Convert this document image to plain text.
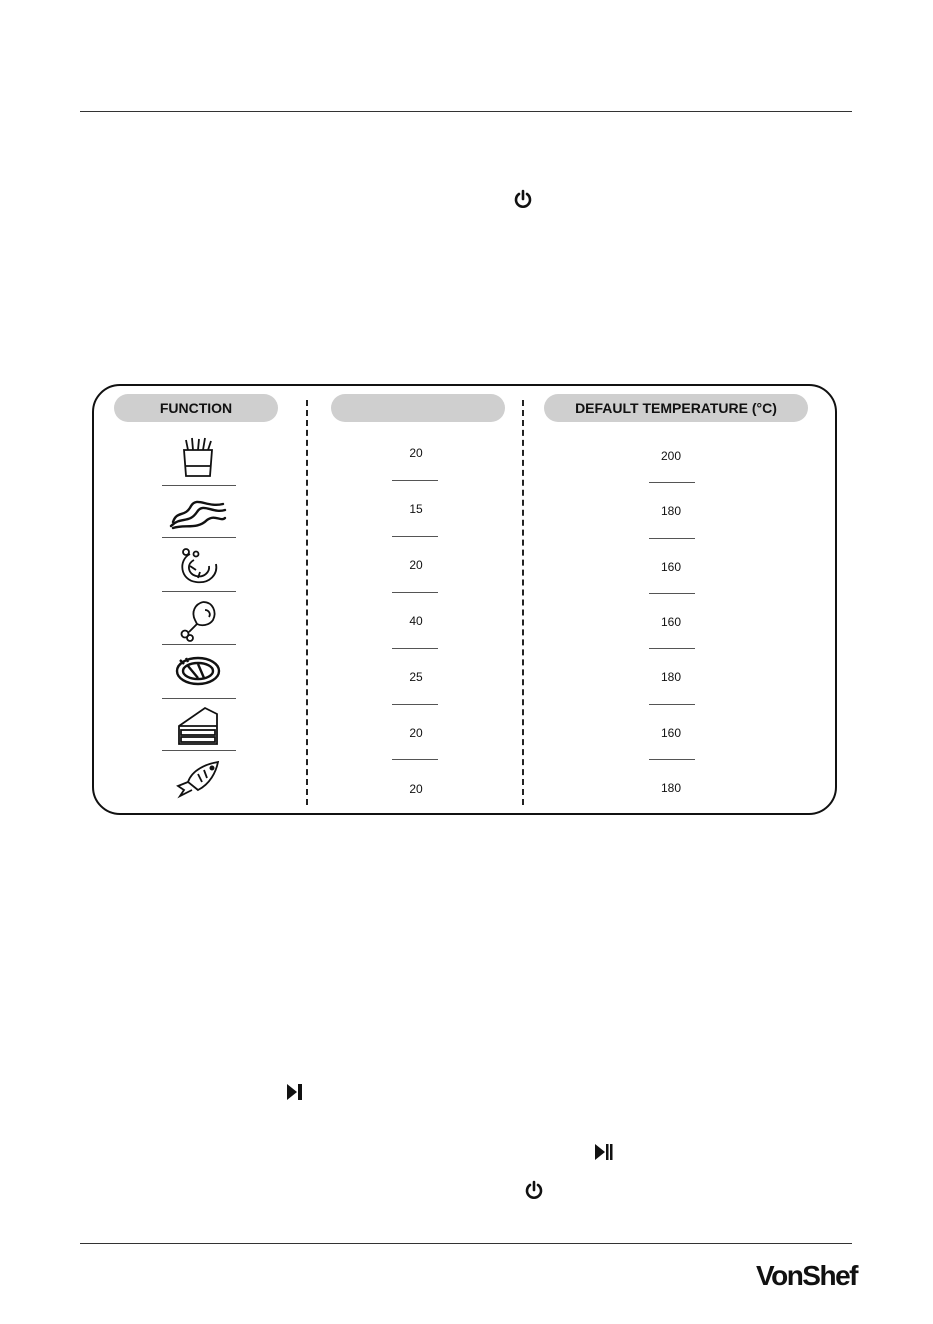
FUNCTION	DEFAULT TEMPERATURE (°C)
20
15
20
40
25
20
20
200
180
160
160
180
160
180
VonShef
